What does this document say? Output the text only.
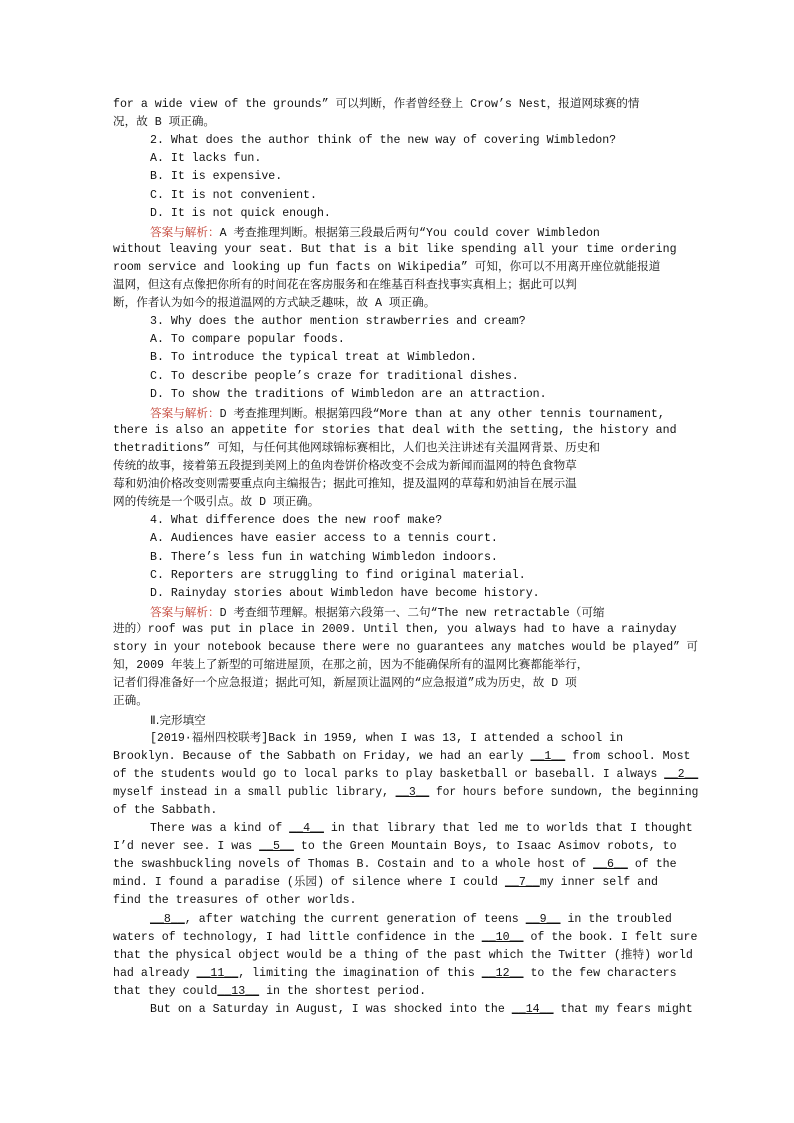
for a wide view of the grounds” 可以判断，作者曾经登上 Crow’s Nest，报道网球赛的情
况，故 B 项正确。
2. What does the author think of the new way of covering Wimbledon?
A. It lacks fun.
B. It is expensive.
C. It is not convenient.
D. It is not quick enough.
答案与解析：A 考查推理判断。根据第三段最后两句“You could cover Wimbledon
without leaving your seat. But that is a bit like spending all your time ordering
room service and looking up fun facts on Wikipedia” 可知，你可以不用离开座位就能报道
温网，但这有点像把你所有的时间花在客房服务和在维基百科查找事实真相上；据此可以判
断，作者认为如今的报道温网的方式缺乏趣味，故 A 项正确。
3. Why does the author mention strawberries and cream?
A. To compare popular foods.
B. To introduce the typical treat at Wimbledon.
C. To describe people’s craze for traditional dishes.
D. To show the traditions of Wimbledon are an attraction.
答案与解析：D 考查推理判断。根据第四段“More than at any other tennis tournament,
there is also an appetite for stories that deal with the setting, the history and
thetraditions” 可知，与任何其他网球锦标赛相比，人们也关注讲述有关温网背景、历史和
传统的故事，接着第五段提到美网上的鱼肉卷饼价格改变不会成为新闻而温网的特色食物草
莓和奶油价格改变则需要重点向主编报告；据此可推知，提及温网的草莓和奶油旨在展示温
网的传统是一个吸引点。故 D 项正确。
4. What difference does the new roof make?
A. Audiences have easier access to a tennis court.
B. There’s less fun in watching Wimbledon indoors.
C. Reporters are struggling to find original material.
D. Rainyday stories about Wimbledon have become history.
答案与解析：D 考查细节理解。根据第六段第一、二句“The new retractable（可缩
进的）roof was put in place in 2009. Until then, you always had to have a rainyday
story in your notebook because there were no guarantees any matches would be played” 可
知，2009 年装上了新型的可缩进屋顶，在那之前，因为不能确保所有的温网比赛都能举行，
记者们得准备好一个应急报道；据此可知，新屋顶让温网的“应急报道”成为历史，故 D 项
正确。
Ⅱ.完形填空
[2019·福州四校联考]Back in 1959, when I was 13, I attended a school in
Brooklyn. Because of the Sabbath on Friday, we had an early __1__ from school. Most
of the students would go to local parks to play basketball or baseball. I always __2__
myself instead in a small public library, __3__ for hours before sundown, the beginning
of the Sabbath.
There was a kind of __4__ in that library that led me to worlds that I thought
I’d never see. I was __5__ to the Green Mountain Boys, to Isaac Asimov robots, to
the swashbuckling novels of Thomas B. Costain and to a whole host of __6__ of the
mind. I found a paradise (乐园) of silence where I could __7__my inner self and
find the treasures of other worlds.
__8__, after watching the current generation of teens __9__ in the troubled
waters of technology, I had little confidence in the __10__ of the book. I felt sure
that the physical object would be a thing of the past which the Twitter (推特) world
had already __11__, limiting the imagination of this __12__ to the few characters
that they could__13__ in the shortest period.
But on a Saturday in August, I was shocked into the __14__ that my fears might
